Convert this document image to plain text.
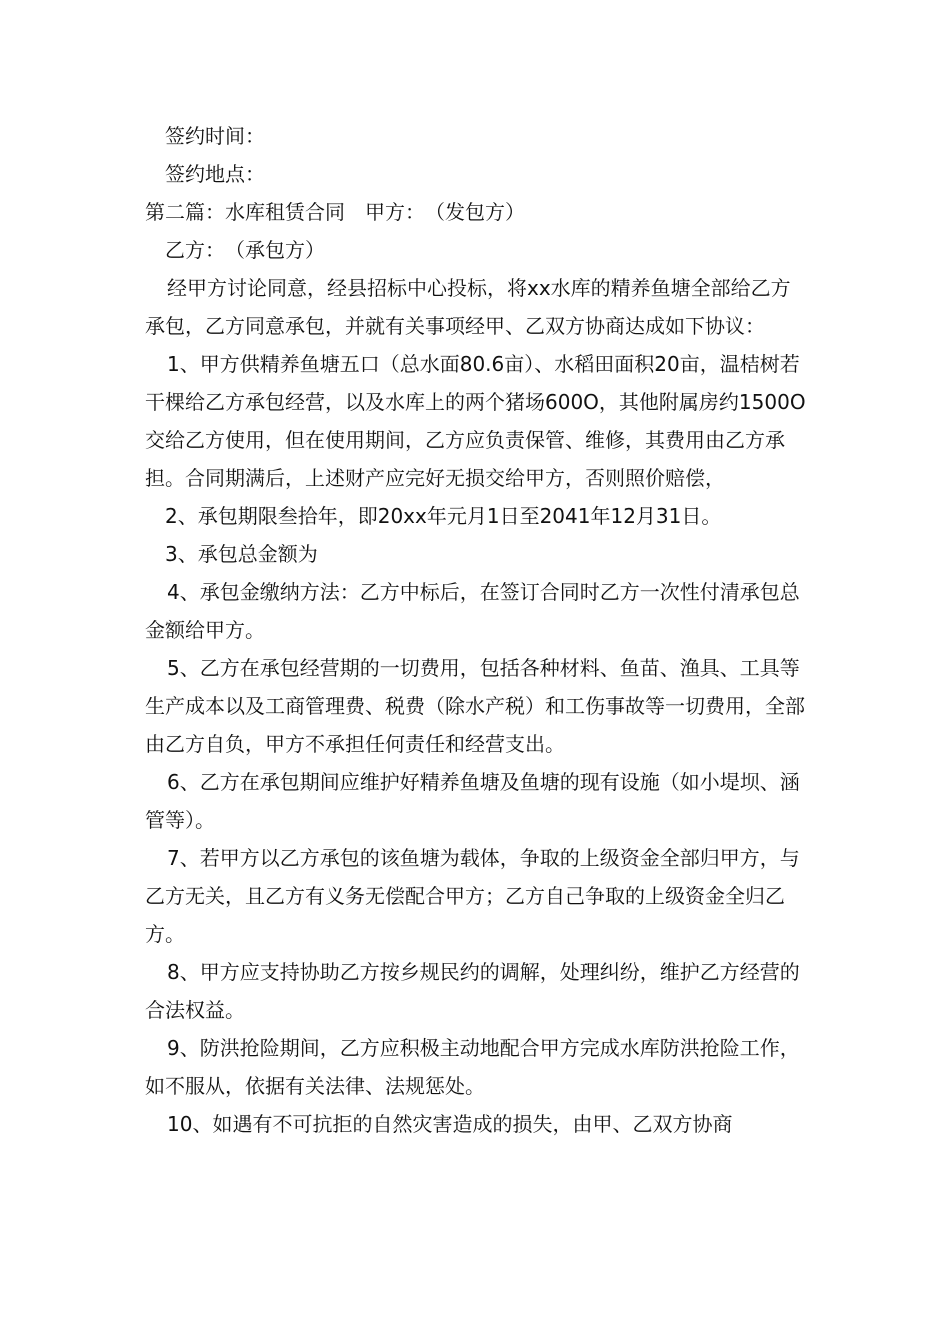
签约时间：

签约地点：

第二篇：水库租赁合同　甲方：　（发包方）

乙方：　（承包方）

经甲方讨论同意，经县招标中心投标，将xx水库的精养鱼塘全部给乙方承包，乙方同意承包，并就有关事项经甲、乙双方协商达成如下协议：

1、甲方供精养鱼塘五口（总水面80.6亩）、水稻田面积20亩，温桔树若干棵给乙方承包经营，以及水库上的两个猪场600O，其他附属房约1500O交给乙方使用，但在使用期间，乙方应负责保管、维修，其费用由乙方承担。合同期满后，上述财产应完好无损交给甲方，否则照价赔偿，

2、承包期限叁拾年，即20xx年元月1日至2041年12月31日。

3、承包总金额为

4、承包金缴纳方法：乙方中标后，在签订合同时乙方一次性付清承包总金额给甲方。

5、乙方在承包经营期的一切费用，包括各种材料、鱼苗、渔具、工具等生产成本以及工商管理费、税费（除水产税）和工伤事故等一切费用，全部由乙方自负，甲方不承担任何责任和经营支出。

6、乙方在承包期间应维护好精养鱼塘及鱼塘的现有设施（如小堤坝、涵管等）。

7、若甲方以乙方承包的该鱼塘为载体，争取的上级资金全部归甲方，与乙方无关，且乙方有义务无偿配合甲方；乙方自己争取的上级资金全归乙方。

8、甲方应支持协助乙方按乡规民约的调解，处理纠纷，维护乙方经营的合法权益。

9、防洪抢险期间，乙方应积极主动地配合甲方完成水库防洪抢险工作，如不服从，依据有关法律、法规惩处。

10、如遇有不可抗拒的自然灾害造成的损失，由甲、乙双方协商
